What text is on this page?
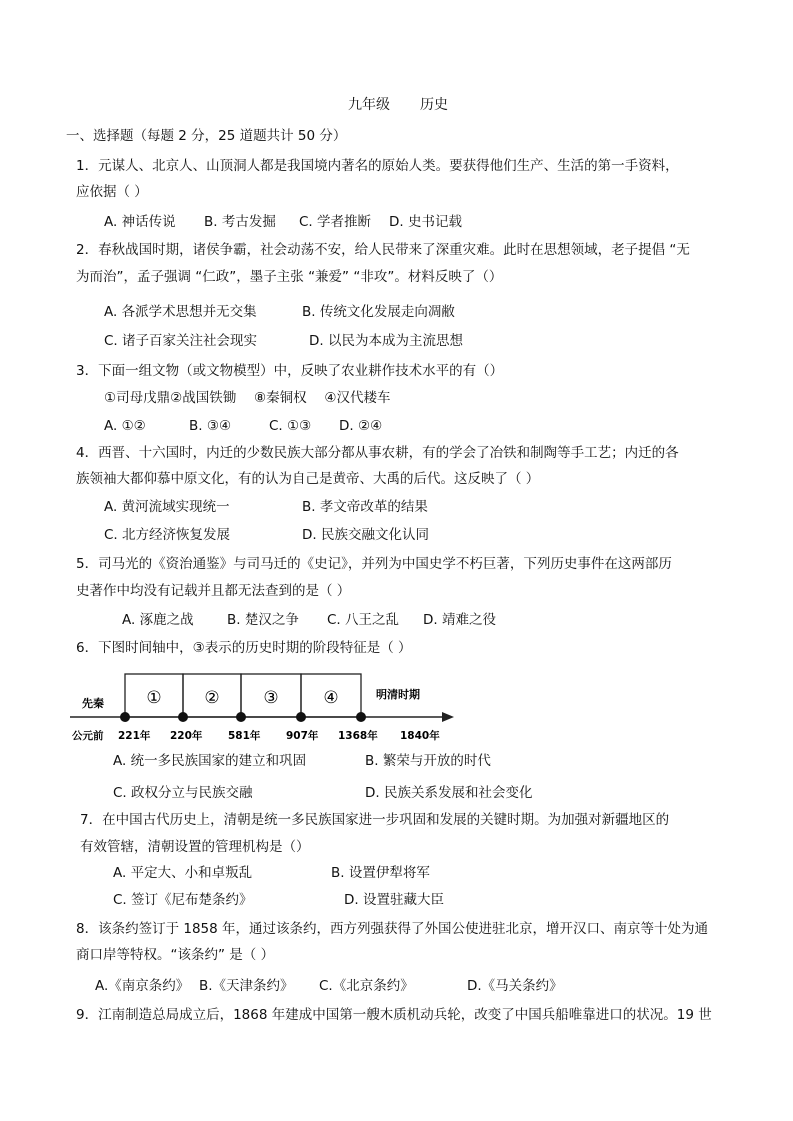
九年级 历史
一、选择题（每题 2 分，25 道题共计 50 分）
1．元谋人、北京人、山顶洞人都是我国境内著名的原始人类。要获得他们生产、生活的第一手资料，
应依据（ ）
A. 神话传说 B. 考古发掘 C. 学者推断 D. 史书记载
2．春秋战国时期，诸侯争霸，社会动荡不安，给人民带来了深重灾难。此时在思想领域，老子提倡 “无
为而治”，孟子强调 “仁政”，墨子主张 “兼爱” “非攻”。材料反映了（）
A. 各派学术思想并无交集	B. 传统文化发展走向凋敝
C. 诸子百家关注社会现实	D. 以民为本成为主流思想
3．下面一组文物（或文物模型）中，反映了农业耕作技术水平的有（）
①司母戊鼎②战国铁锄　 ⑧秦铜权　 ④汉代耧车
A. ①②	B. ③④	C. ①③ D. ②④
4．西晋、十六国时，内迁的少数民族大部分都从事农耕，有的学会了冶铁和制陶等手工艺；内迁的各
族领袖大都仰慕中原文化，有的认为自己是黄帝、大禹的后代。这反映了（ ）
A. 黄河流域实现统一	B. 孝文帝改革的结果
C. 北方经济恢复发展	D. 民族交融文化认同
5．司马光的《资治通鉴》与司马迁的《史记》，并列为中国史学不朽巨著，下列历史事件在这两部历
史著作中均没有记载并且都无法查到的是（ ）
A. 涿鹿之战 B. 楚汉之争 C. 八王之乱 D. 靖难之役
6．下图时间轴中，③表示的历史时期的阶段特征是（ ）
先秦
明清时期
①	②	③	④
公元前 221年 220年 581年 907年 1368年 1840年
A. 统一多民族国家的建立和巩固	B. 繁荣与开放的时代
C. 政权分立与民族交融	D. 民族关系发展和社会变化
7．在中国古代历史上，清朝是统一多民族国家进一步巩固和发展的关键时期。为加强对新疆地区的
有效管辖，清朝设置的管理机构是（）
A. 平定大、小和卓叛乱	B. 设置伊犁将军
C. 签订《尼布楚条约》	D. 设置驻藏大臣
8．该条约签订于 1858 年，通过该条约，西方列强获得了外国公使进驻北京，增开汉口、南京等十处为通
商口岸等特权。“该条约” 是（ ）
A.《南京条约》 B.《天津条约》 C.《北京条约》	D.《马关条约》
9．江南制造总局成立后，1868 年建成中国第一艘木质机动兵轮，改变了中国兵船唯靠进口的状况。19 世
